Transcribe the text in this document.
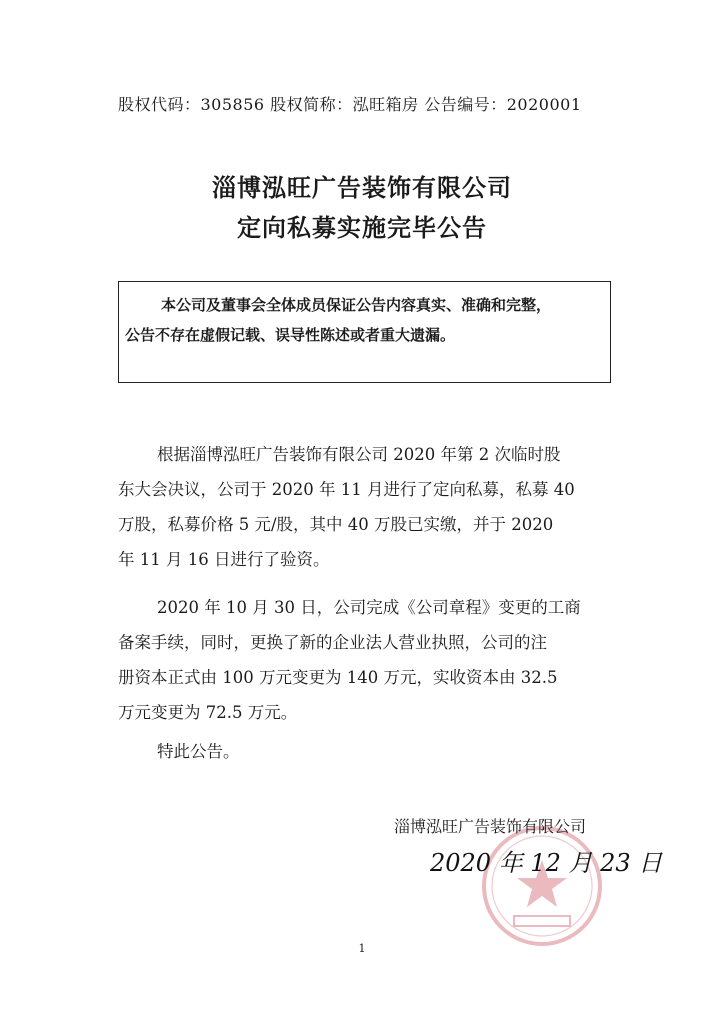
股权代码：305856 股权简称：泓旺箱房 公告编号：2020001
淄博泓旺广告装饰有限公司
定向私募实施完毕公告
本公司及董事会全体成员保证公告内容真实、准确和完整，
公告不存在虚假记载、误导性陈述或者重大遗漏。
根据淄博泓旺广告装饰有限公司 2020 年第 2 次临时股
东大会决议，公司于 2020 年 11 月进行了定向私募，私募 40
万股，私募价格 5 元/股，其中 40 万股已实缴，并于 2020
年 11 月 16 日进行了验资。
2020 年 10 月 30 日，公司完成《公司章程》变更的工商
备案手续，同时，更换了新的企业法人营业执照，公司的注
册资本正式由 100 万元变更为 140 万元，实收资本由 32.5
万元变更为 72.5 万元。
特此公告。
淄博泓旺广告装饰有限公司
2020 年 12 月 23 日
1
